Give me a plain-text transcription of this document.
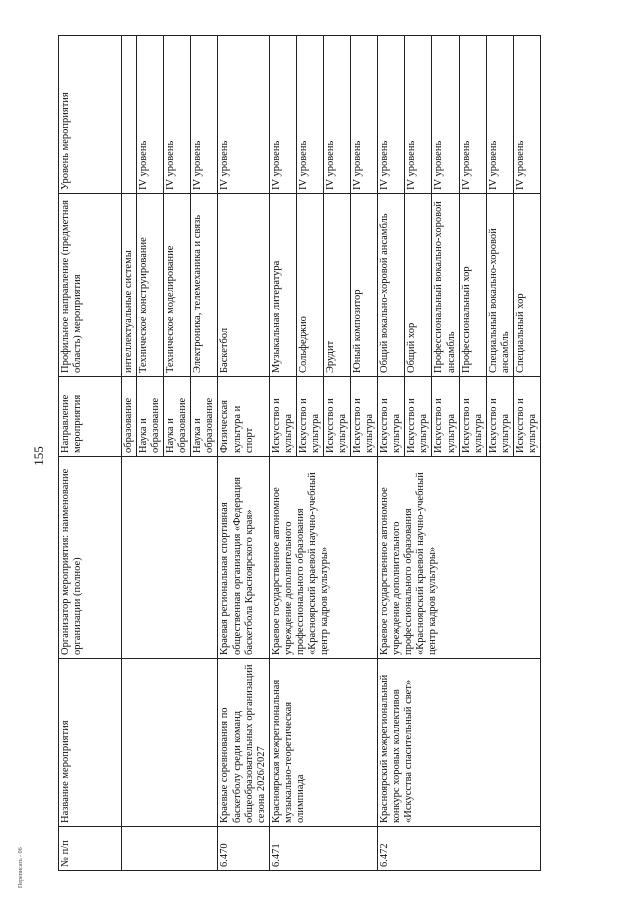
155
№ п/п	Название мероприятия	Организатор мероприятия: наименование организации (полное)	Направление мероприятия	Профильное направление (предметная область) мероприятия	Уровень мероприятия
			образование	интеллектуальные системы	
			Наука и образование	Техническое конструирование	IV уровень
			Наука и образование	Техническое моделирование	IV уровень
			Наука и образование	Электроника, телемеханика и связь	IV уровень
6.470	Краевые соревнования по баскетболу среди команд общеобразовательных организаций сезона 2026/2027	Краевая региональная спортивная общественная организация «Федерация баскетбола Красноярского края»	Физическая культура и спорт	Баскетбол	IV уровень
6.471	Красноярская межрегиональная музыкально-теоретическая олимпиада	Краевое государственное автономное учреждение дополнительного профессионального образования «Красноярский краевой научно-учебный центр кадров культуры»	Искусство и культура	Музыкальная литература	IV уровень
			Искусство и культура	Сольфеджио	IV уровень
			Искусство и культура	Эрудит	IV уровень
			Искусство и культура	Юный композитор	IV уровень
6.472	Красноярский межрегиональный конкурс хоровых коллективов «Искусства спасительный свет»	Краевое государственное автономное учреждение дополнительного профессионального образования «Красноярский краевой научно-учебный центр кадров культуры»	Искусство и культура	Общий вокально-хоровой ансамбль	IV уровень
			Искусство и культура	Общий хор	IV уровень
			Искусство и культура	Профессиональный вокально-хоровой ансамбль	IV уровень
			Искусство и культура	Профессиональный хор	IV уровень
			Искусство и культура	Специальный вокально-хоровой ансамбль	IV уровень
			Искусство и культура	Специальный хор	IV уровень
Переписать - 06
